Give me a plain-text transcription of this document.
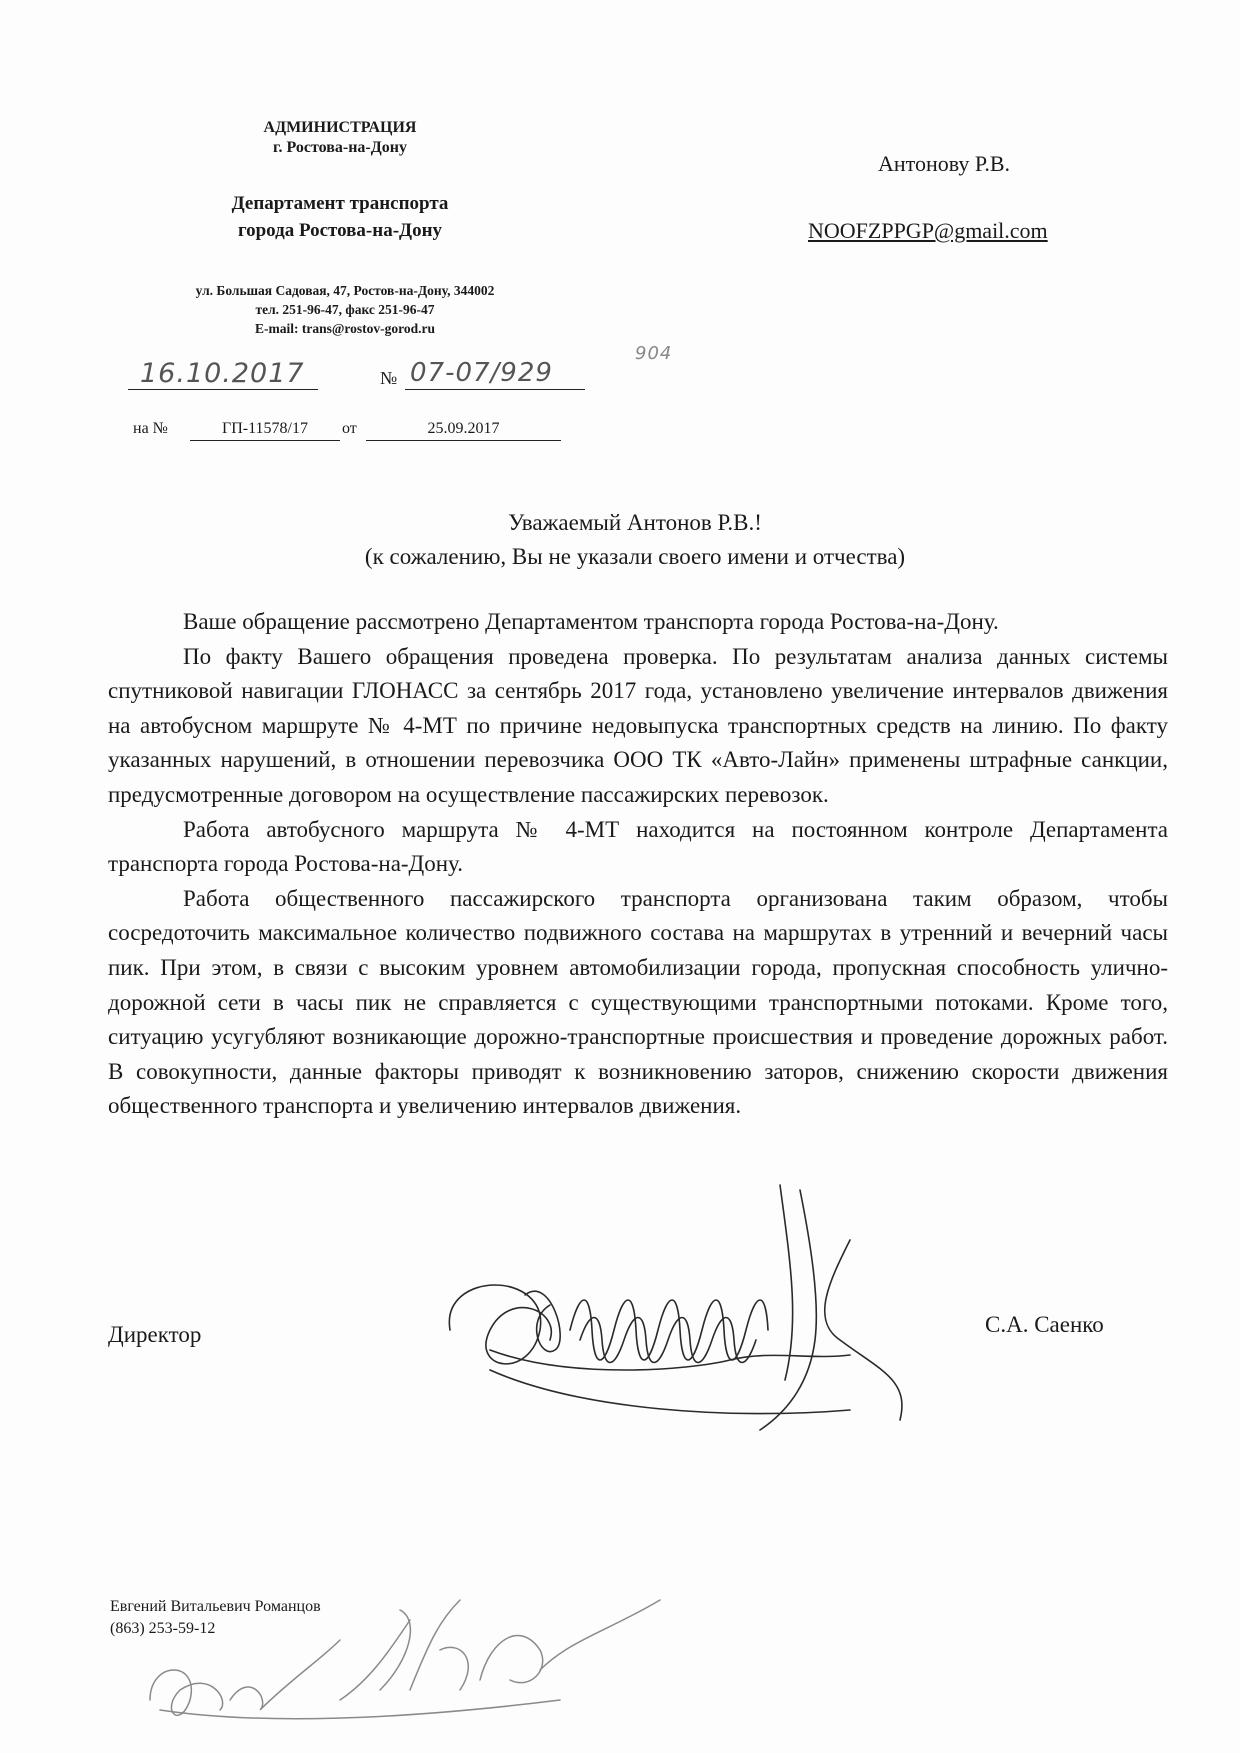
АДМИНИСТРАЦИЯ
г. Ростова-на-Дону
Департамент транспорта
города Ростова-на-Дону
ул. Большая Садовая, 47, Ростов-на-Дону, 344002
тел. 251-96-47, факс 251-96-47
E-mail: trans@rostov-gorod.ru
16.10.2017	№ 07-07/929
904
на №	ГП-11578/17	от	25.09.2017
Антонову Р.В.
NOOFZPPGP@gmail.com
Уважаемый Антонов Р.В.!
(к сожалению, Вы не указали своего имени и отчества)

Ваше обращение рассмотрено Департаментом транспорта города Ростова-на-Дону.

По факту Вашего обращения проведена проверка. По результатам анализа данных системы спутниковой навигации ГЛОНАСС за сентябрь 2017 года, установлено увеличение интервалов движения на автобусном маршруте № 4-МТ по причине недовыпуска транспортных средств на линию. По факту указанных нарушений, в отношении перевозчика ООО ТК «Авто-Лайн» применены штрафные санкции, предусмотренные договором на осуществление пассажирских перевозок.

Работа автобусного маршрута № 4-МТ находится на постоянном контроле Департамента транспорта города Ростова-на-Дону.

Работа общественного пассажирского транспорта организована таким образом, чтобы сосредоточить максимальное количество подвижного состава на маршрутах в утренний и вечерний часы пик. При этом, в связи с высоким уровнем автомобилизации города, пропускная способность улично-дорожной сети в часы пик не справляется с существующими транспортными потоками. Кроме того, ситуацию усугубляют возникающие дорожно-транспортные происшествия и проведение дорожных работ. В совокупности, данные факторы приводят к возникновению заторов, снижению скорости движения общественного транспорта и увеличению интервалов движения.

Директор	С.А. Саенко
Евгений Витальевич Романцов
(863) 253-59-12
